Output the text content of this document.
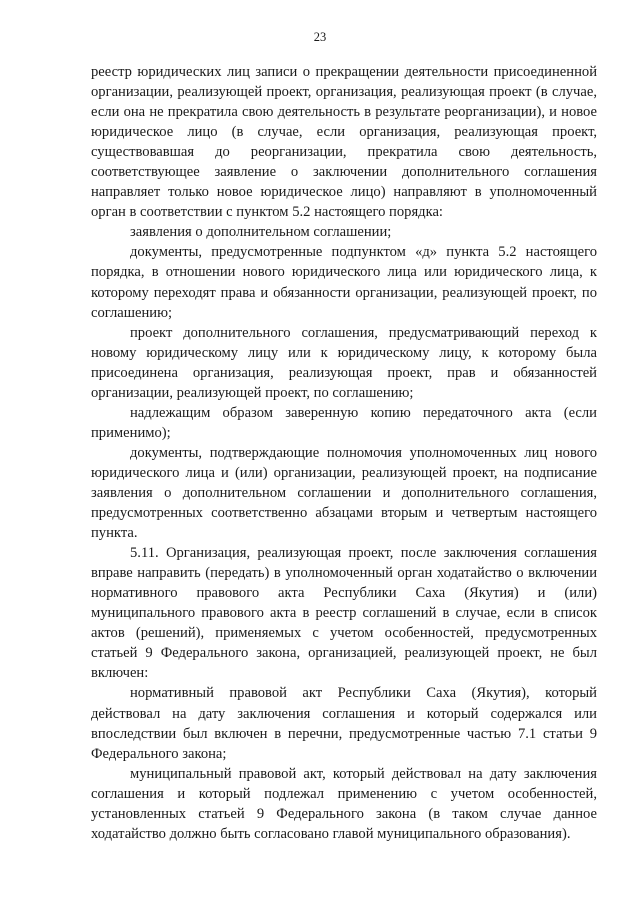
23

реестр юридических лиц записи о прекращении деятельности присоединенной организации, реализующей проект, организация, реализующая проект (в случае, если она не прекратила свою деятельность в результате реорганизации), и новое юридическое лицо (в случае, если организация, реализующая проект, существовавшая до реорганизации, прекратила свою деятельность, соответствующее заявление о заключении дополнительного соглашения направляет только новое юридическое лицо) направляют в уполномоченный орган в соответствии с пунктом 5.2 настоящего порядка:

заявления о дополнительном соглашении;

документы, предусмотренные подпунктом «д» пункта 5.2 настоящего порядка, в отношении нового юридического лица или юридического лица, к которому переходят права и обязанности организации, реализующей проект, по соглашению;

проект дополнительного соглашения, предусматривающий переход к новому юридическому лицу или к юридическому лицу, к которому была присоединена организация, реализующая проект, прав и обязанностей организации, реализующей проект, по соглашению;

надлежащим образом заверенную копию передаточного акта (если применимо);

документы, подтверждающие полномочия уполномоченных лиц нового юридического лица и (или) организации, реализующей проект, на подписание заявления о дополнительном соглашении и дополнительного соглашения, предусмотренных соответственно абзацами вторым и четвертым настоящего пункта.

5.11. Организация, реализующая проект, после заключения соглашения вправе направить (передать) в уполномоченный орган ходатайство о включении нормативного правового акта Республики Саха (Якутия) и (или) муниципального правового акта в реестр соглашений в случае, если в список актов (решений), применяемых с учетом особенностей, предусмотренных статьей 9 Федерального закона, организацией, реализующей проект, не был включен:

нормативный правовой акт Республики Саха (Якутия), который действовал на дату заключения соглашения и который содержался или впоследствии был включен в перечни, предусмотренные частью 7.1 статьи 9 Федерального закона;

муниципальный правовой акт, который действовал на дату заключения соглашения и который подлежал применению с учетом особенностей, установленных статьей 9 Федерального закона (в таком случае данное ходатайство должно быть согласовано главой муниципального образования).
